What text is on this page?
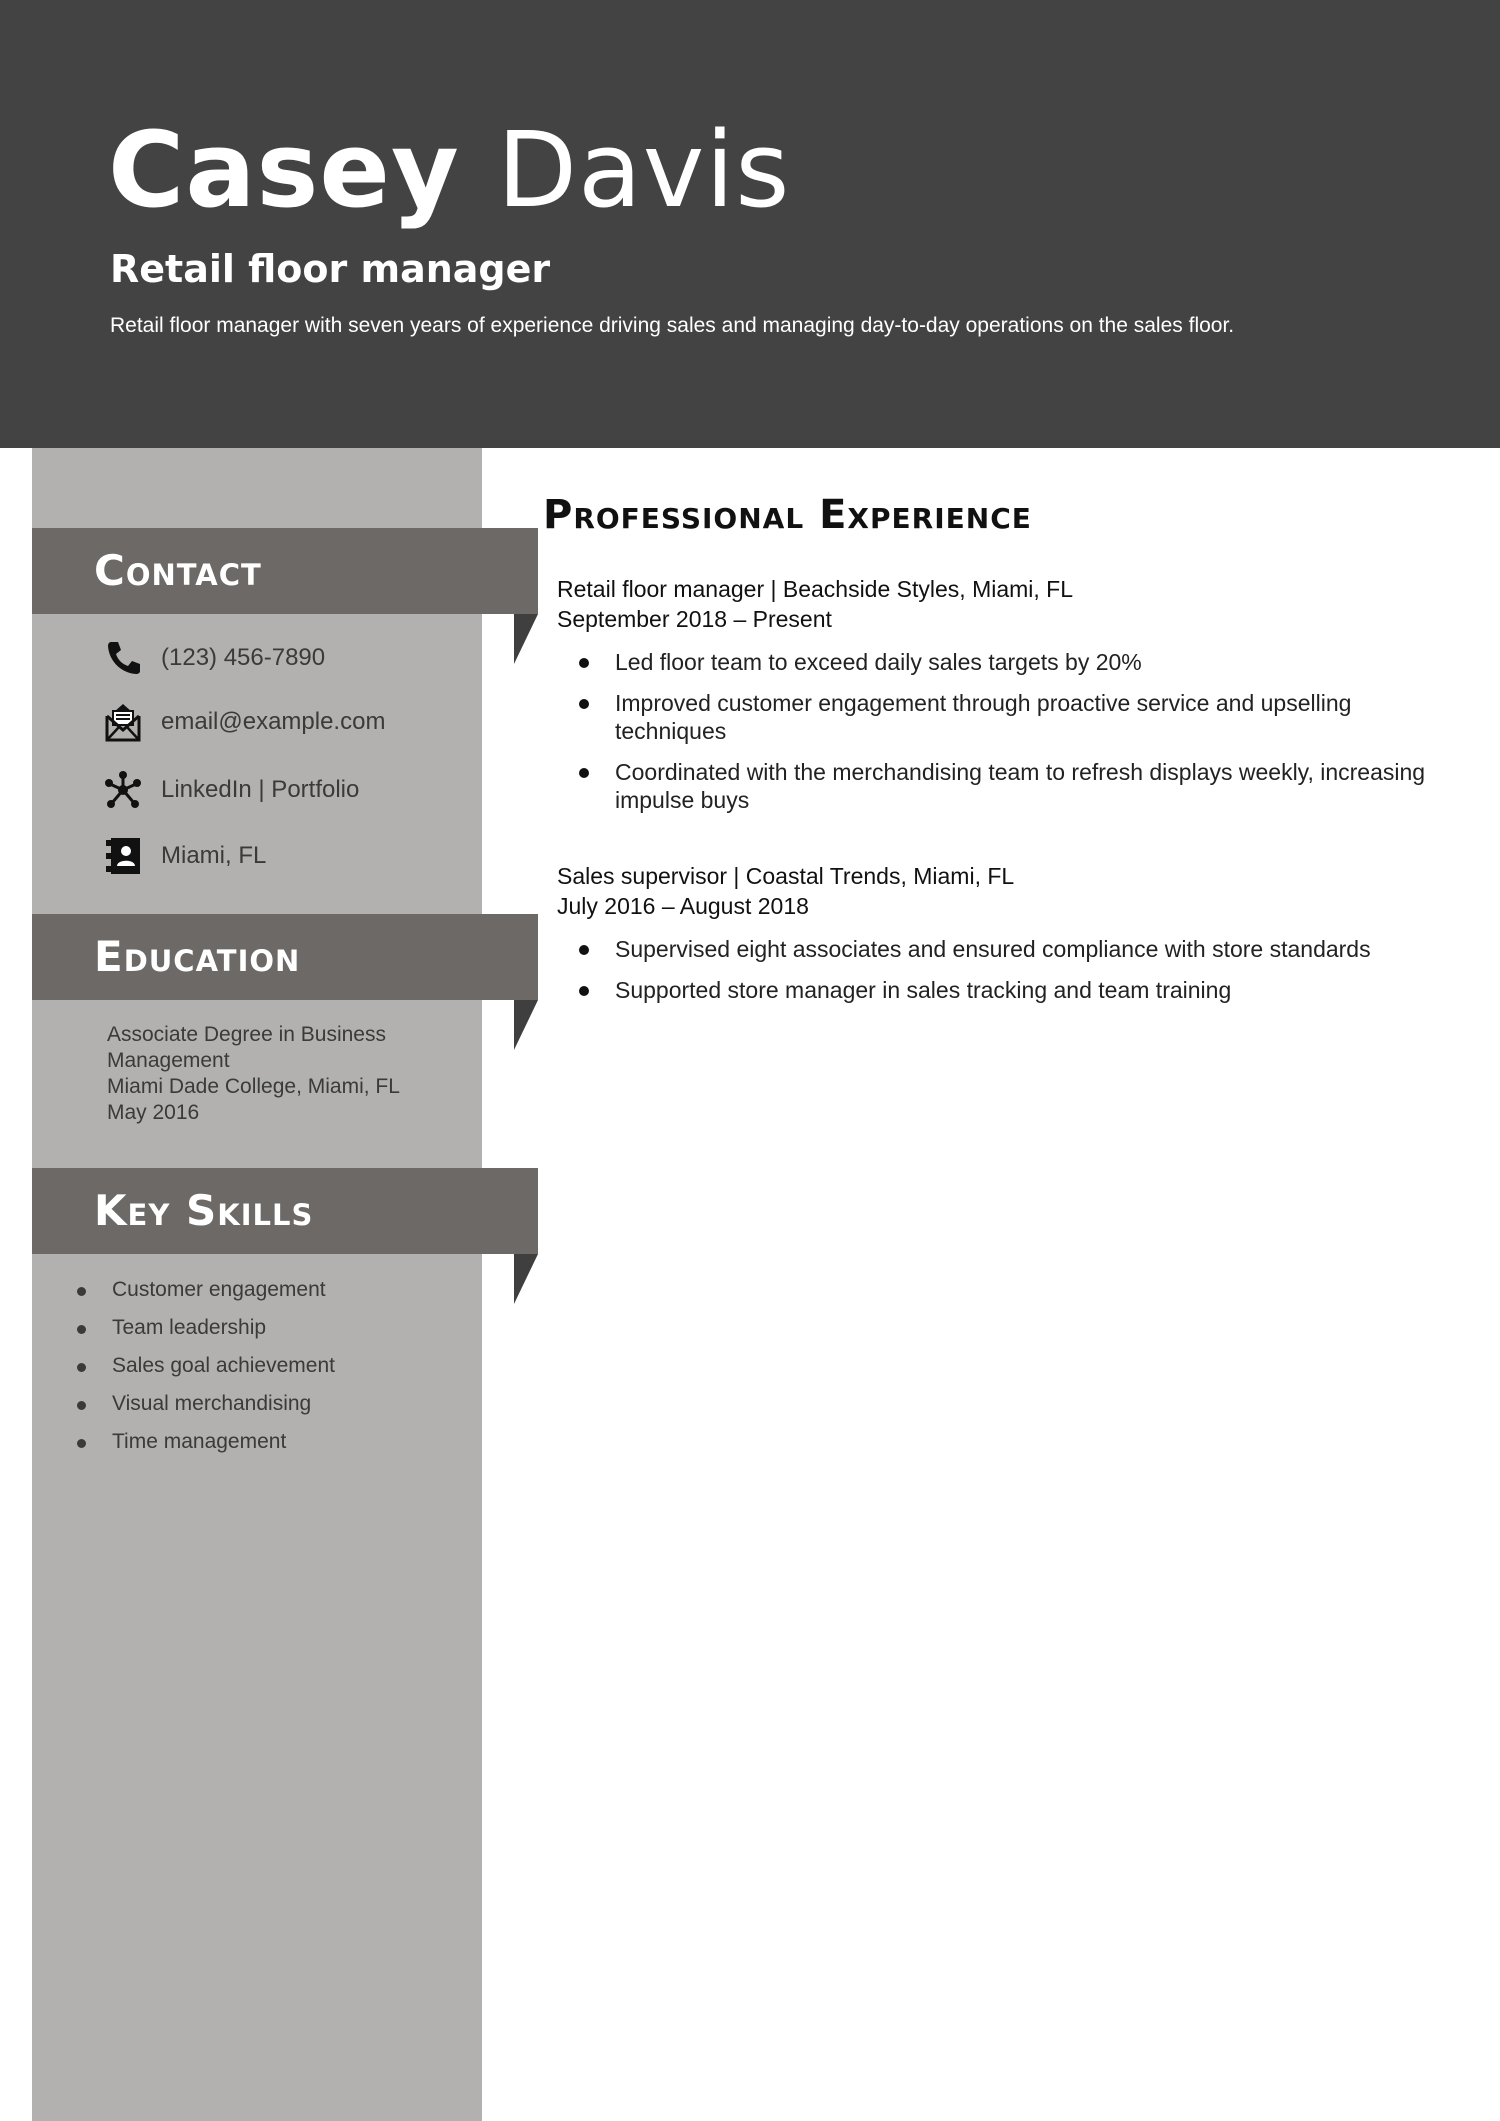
Casey Davis
Retail floor manager

Retail floor manager with seven years of experience driving sales and managing day-to-day operations on the sales floor.

Contact
(123) 456-7890
email@example.com
LinkedIn | Portfolio
Miami, FL
Education

Associate Degree in Business

Management

Miami Dade College, Miami, FL

May 2016

Key Skills
Customer engagement
Team leadership
Sales goal achievement
Visual merchandising
Time management
Professional Experience

Retail floor manager | Beachside Styles, Miami, FL

September 2018 – Present

Led floor team to exceed daily sales targets by 20%
Improved customer engagement through proactive service and upselling techniques
Coordinated with the merchandising team to refresh displays weekly, increasing impulse buys

Sales supervisor | Coastal Trends, Miami, FL

July 2016 – August 2018

Supervised eight associates and ensured compliance with store standards
Supported store manager in sales tracking and team training
